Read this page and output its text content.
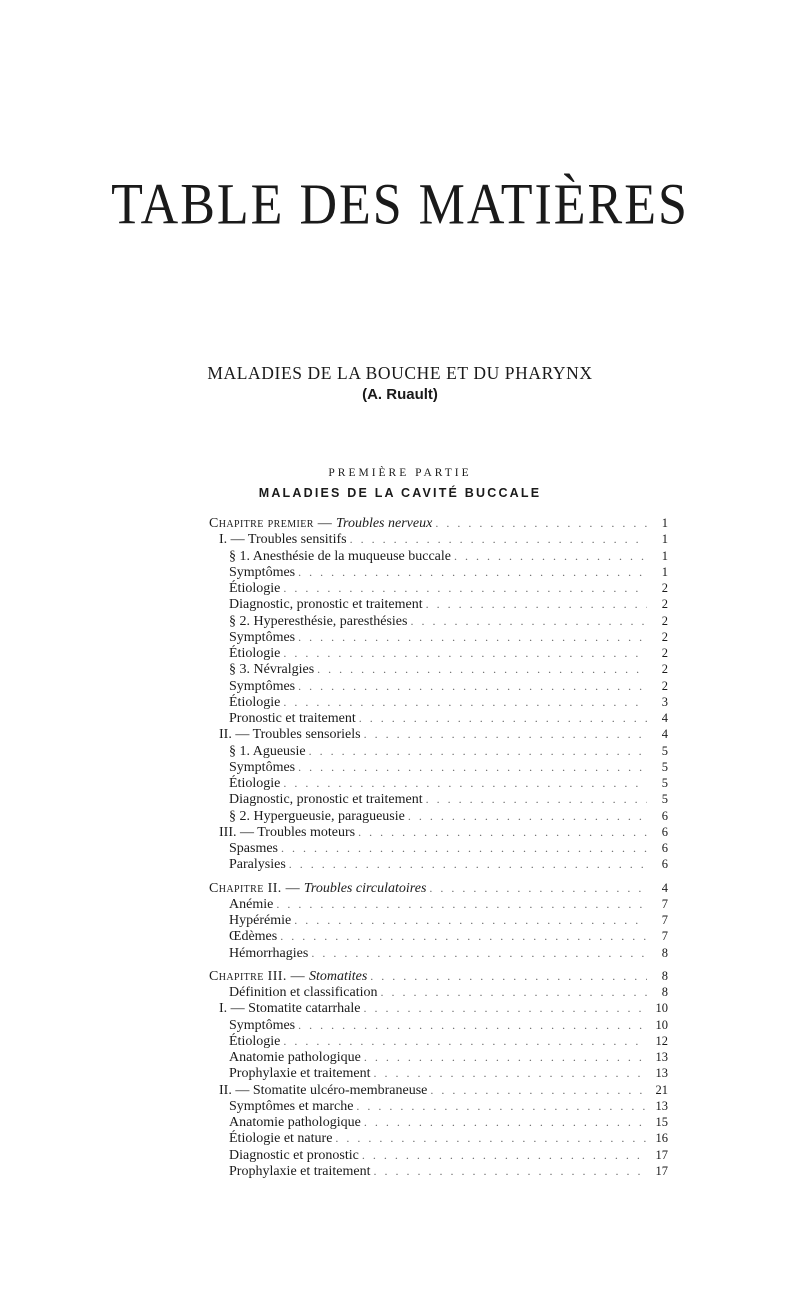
TABLE DES MATIÈRES
MALADIES DE LA BOUCHE ET DU PHARYNX
(A. Ruault)
PREMIÈRE PARTIE
MALADIES DE LA CAVITÉ BUCCALE
Chapitre premier — Troubles nerveux . . .	1
I. — Troubles sensitifs . . .	1
§ 1. Anesthésie de la muqueuse buccale . . .	1
Symptômes . . .	1
Étiologie . . .	2
Diagnostic, pronostic et traitement . . .	2
§ 2. Hyperesthésie, paresthésies . . .	2
Symptômes . . .	2
Étiologie . . .	2
§ 3. Névralgies . . .	2
Symptômes . . .	2
Étiologie . . .	3
Pronostic et traitement . . .	4
II. — Troubles sensoriels . . .	4
§ 1. Agueusie . . .	5
Symptômes . . .	5
Étiologie . . .	5
Diagnostic, pronostic et traitement . . .	5
§ 2. Hypergueusie, paragueusie . . .	6
III. — Troubles moteurs . . .	6
Spasmes . . .	6
Paralysies . . .	6
Chapitre II. — Troubles circulatoires . . .	4
Anémie . . .	7
Hypérémie . . .	7
Œdèmes . . .	7
Hémorrhagies . . .	8
Chapitre III. — Stomatites . . .	8
Définition et classification . . .	8
I. — Stomatite catarrhale . . .	10
Symptômes . . .	10
Étiologie . . .	12
Anatomie pathologique . . .	13
Prophylaxie et traitement . . .	13
II. — Stomatite ulcéro-membraneuse . . .	21
Symptômes et marche . . .	13
Anatomie pathologique . . .	15
Étiologie et nature . . .	16
Diagnostic et pronostic . . .	17
Prophylaxie et traitement . . .	17
